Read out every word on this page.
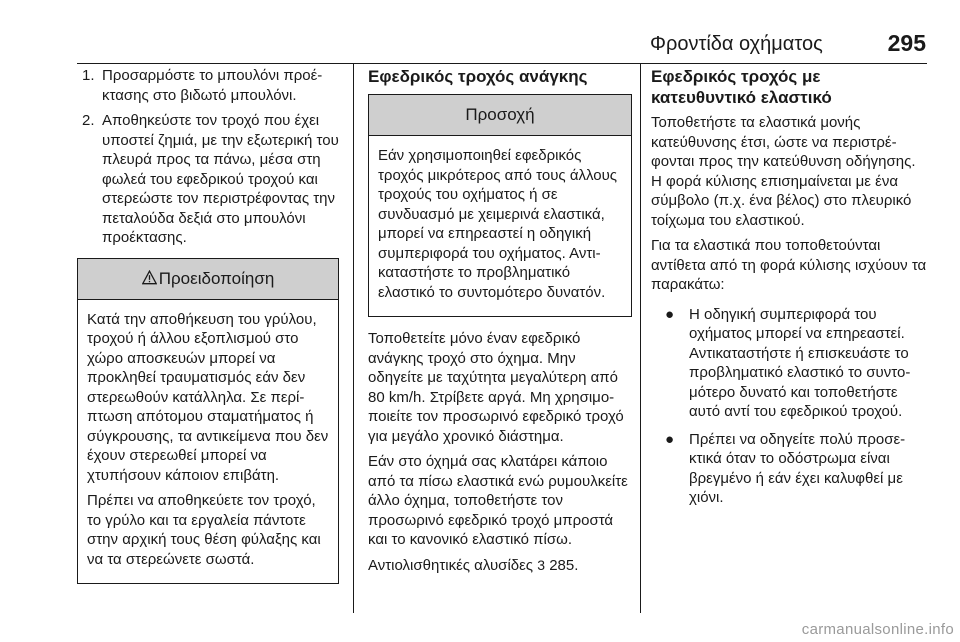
Φροντίδα οχήματος	295
1. Προσαρμόστε το μπουλόνι προέκτασης στο βιδωτό μπουλόνι.
2. Αποθηκεύστε τον τροχό που έχει υποστεί ζημιά, με την εξωτερική του πλευρά προς τα πάνω, μέσα στη φωλεά του εφεδρικού τροχού και στερεώστε τον περιστρέφοντας την πεταλούδα δεξιά στο μπουλόνι προέκτασης.
Προειδοποίηση

Κατά την αποθήκευση του γρύλου, τροχού ή άλλου εξοπλισμού στο χώρο αποσκευών μπορεί να προκληθεί τραυματισμός εάν δεν στερεωθούν κατάλληλα. Σε περίπτωση απότομου σταματήματος ή σύγκρουσης, τα αντικείμενα που δεν έχουν στερεωθεί μπορεί να χτυπήσουν κάποιον επιβάτη.

Πρέπει να αποθηκεύετε τον τροχό, το γρύλο και τα εργαλεία πάντοτε στην αρχική τους θέση φύλαξης και να τα στερεώνετε σωστά.

Εφεδρικός τροχός ανάγκης
Προσοχή

Εάν χρησιμοποιηθεί εφεδρικός τροχός μικρότερος από τους άλλους τροχούς του οχήματος ή σε συνδυασμό με χειμερινά ελαστικά, μπορεί να επηρεαστεί η οδηγική συμπεριφορά του οχήματος. Αντικαταστήστε το προβληματικό ελαστικό το συντομότερο δυνατόν.

Τοποθετείτε μόνο έναν εφεδρικό ανάγκης τροχό στο όχημα. Μην οδηγείτε με ταχύτητα μεγαλύτερη από 80 km/h. Στρίβετε αργά. Μη χρησιμοποιείτε τον προσωρινό εφεδρικό τροχό για μεγάλο χρονικό διάστημα.

Εάν στο όχημά σας κλατάρει κάποιο από τα πίσω ελαστικά ενώ ρυμουλκείτε άλλο όχημα, τοποθετήστε τον προσωρινό εφεδρικό τροχό μπροστά και το κανονικό ελαστικό πίσω.

Αντιολισθητικές αλυσίδες 3 285.

Εφεδρικός τροχός με κατευθυντικό ελαστικό

Τοποθετήστε τα ελαστικά μονής κατεύθυνσης έτσι, ώστε να περιστρέφονται προς την κατεύθυνση οδήγησης. Η φορά κύλισης επισημαίνεται με ένα σύμβολο (π.χ. ένα βέλος) στο πλευρικό τοίχωμα του ελαστικού.

Για τα ελαστικά που τοποθετούνται αντίθετα από τη φορά κύλισης ισχύουν τα παρακάτω:

● Η οδηγική συμπεριφορά του οχήματος μπορεί να επηρεαστεί. Αντικαταστήστε ή επισκευάστε το προβληματικό ελαστικό το συντομότερο δυνατό και τοποθετήστε αυτό αντί του εφεδρικού τροχού.
● Πρέπει να οδηγείτε πολύ προσεκτικά όταν το οδόστρωμα είναι βρεγμένο ή εάν έχει καλυφθεί με χιόνι.
carmanualsonline.info
